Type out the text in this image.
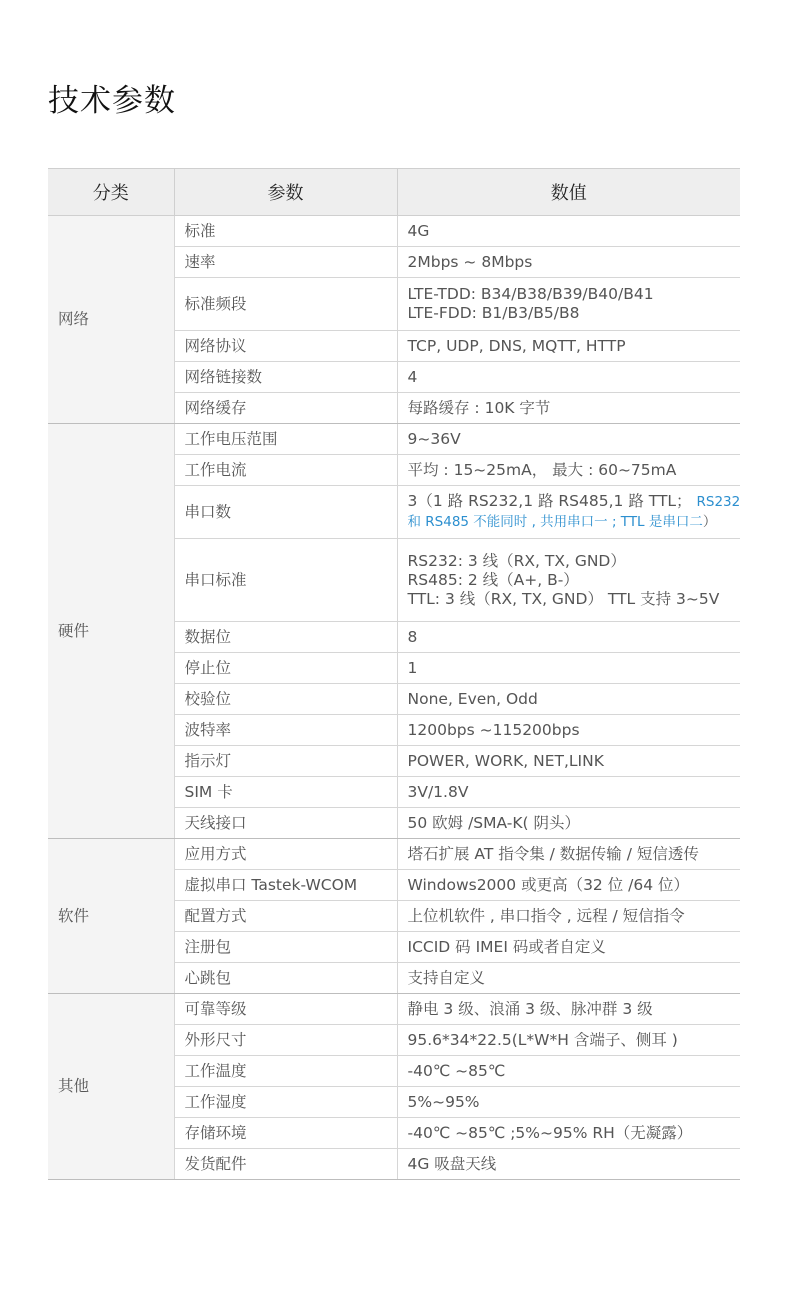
技术参数
分类	参数	数值
网络	标准	4G
	速率	2Mbps ~ 8Mbps
	标准频段	LTE-TDD: B34/B38/B39/B40/B41
LTE-FDD: B1/B3/B5/B8

	网络协议	TCP, UDP, DNS, MQTT, HTTP
	网络链接数	4
	网络缓存	每路缓存 : 10K 字节
硬件	工作电压范围	9~36V
	工作电流	平均 : 15~25mA， 最大 : 60~75mA
	串口数	3（1 路 RS232,1 路 RS485,1 路 TTL； RS232
和 RS485 不能同时 , 共用串口一 ; TTL 是串口二）

	串口标准	RS232: 3 线（RX, TX, GND）
RS485: 2 线（A+, B-）
TTL: 3 线（RX, TX, GND） TTL 支持 3~5V

	数据位	8
	停止位	1
	校验位	None, Even, Odd
	波特率	1200bps ~115200bps
	指示灯	POWER, WORK, NET,LINK
	SIM 卡	3V/1.8V
	天线接口	50 欧姆 /SMA-K( 阴头）
软件	应用方式	塔石扩展 AT 指令集 / 数据传输 / 短信透传
	虚拟串口 Tastek-WCOM	Windows2000 或更高（32 位 /64 位）
	配置方式	上位机软件 , 串口指令 , 远程 / 短信指令
	注册包	ICCID 码 IMEI 码或者自定义
	心跳包	支持自定义
其他	可靠等级	静电 3 级、浪涌 3 级、脉冲群 3 级
	外形尺寸	95.6*34*22.5(L*W*H 含端子、侧耳 )
	工作温度	-40℃ ~85℃
	工作湿度	5%~95%
	存储环境	-40℃ ~85℃ ;5%~95% RH（无凝露）
	发货配件	4G 吸盘天线
